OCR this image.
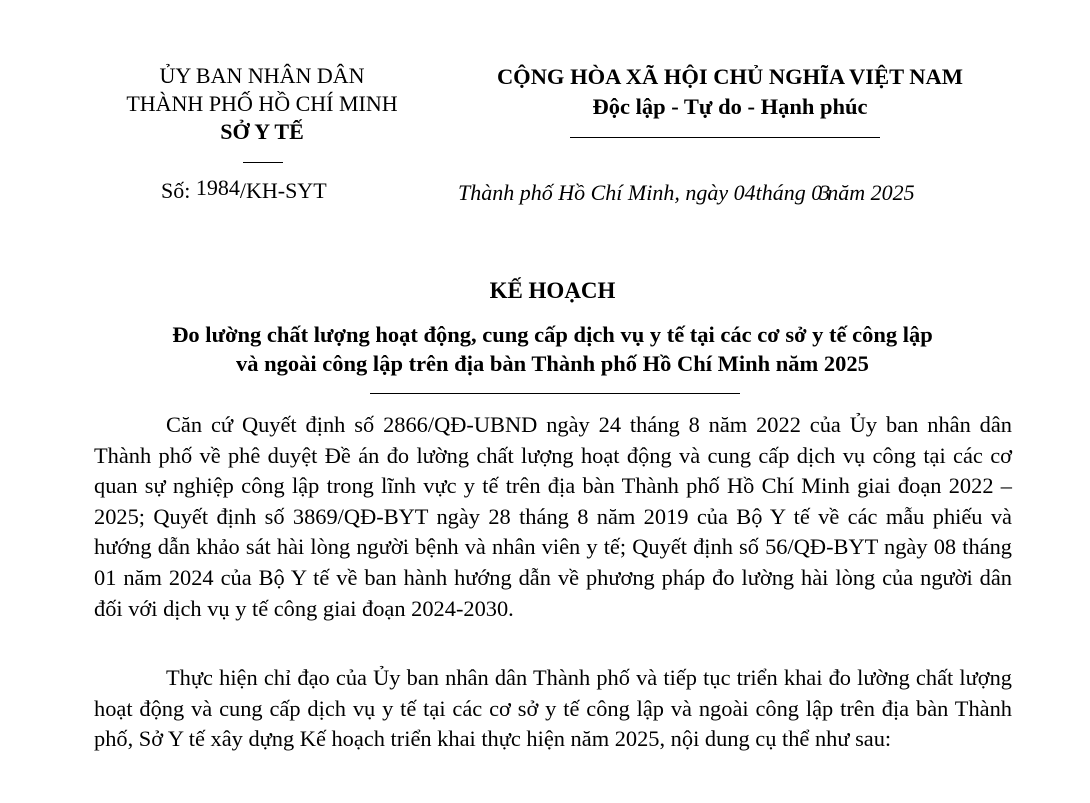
ỦY BAN NHÂN DÂN
THÀNH PHỐ HỒ CHÍ MINH
SỞ Y TẾ
Số: 1984/KH-SYT
CỘNG HÒA XÃ HỘI CHỦ NGHĨA VIỆT NAM
Độc lập - Tự do - Hạnh phúc
Thành phố Hồ Chí Minh, ngày 04tháng 03năm 2025
KẾ HOẠCH
Đo lường chất lượng hoạt động, cung cấp dịch vụ y tế tại các cơ sở y tế công lập
và ngoài công lập trên địa bàn Thành phố Hồ Chí Minh năm 2025
Căn cứ Quyết định số 2866/QĐ-UBND ngày 24 tháng 8 năm 2022 của Ủy ban nhân dân Thành phố về phê duyệt Đề án đo lường chất lượng hoạt động và cung cấp dịch vụ công tại các cơ quan sự nghiệp công lập trong lĩnh vực y tế trên địa bàn Thành phố Hồ Chí Minh giai đoạn 2022 – 2025; Quyết định số 3869/QĐ-BYT ngày 28 tháng 8 năm 2019 của Bộ Y tế về các mẫu phiếu và hướng dẫn khảo sát hài lòng người bệnh và nhân viên y tế; Quyết định số 56/QĐ-BYT ngày 08 tháng 01 năm 2024 của Bộ Y tế về ban hành hướng dẫn về phương pháp đo lường hài lòng của người dân đối với dịch vụ y tế công giai đoạn 2024-2030.
Thực hiện chỉ đạo của Ủy ban nhân dân Thành phố và tiếp tục triển khai đo lường chất lượng hoạt động và cung cấp dịch vụ y tế tại các cơ sở y tế công lập và ngoài công lập trên địa bàn Thành phố, Sở Y tế xây dựng Kế hoạch triển khai thực hiện năm 2025, nội dung cụ thể như sau:
